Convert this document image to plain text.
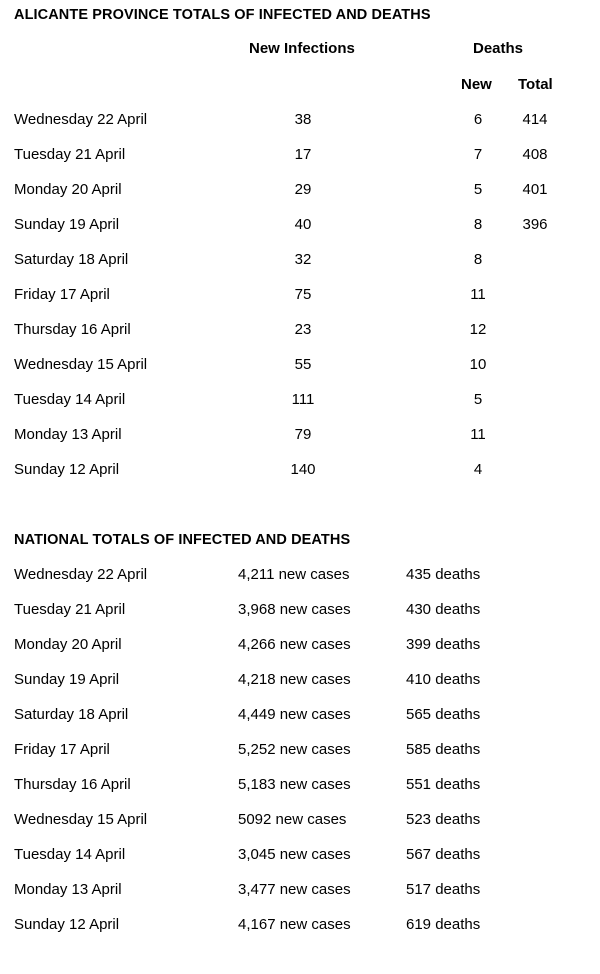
ALICANTE PROVINCE TOTALS OF INFECTED AND DEATHS
New Infections	Deaths
New Total
Wednesday 22 April	38	6	414
Tuesday 21 April	17	7	408
Monday 20 April	29	5	401
Sunday 19 April	40	8	396
Saturday 18 April	32	8
Friday 17 April	75	11
Thursday 16 April	23	12
Wednesday 15 April	55	10
Tuesday 14 April	111	5
Monday 13 April	79	11
Sunday 12 April	140	4
NATIONAL TOTALS OF INFECTED AND DEATHS
Wednesday 22 April	4,211 new cases	435 deaths
Tuesday 21 April	3,968 new cases	430 deaths
Monday 20 April	4,266 new cases	399 deaths
Sunday 19 April	4,218 new cases	410 deaths
Saturday 18 April	4,449 new cases	565 deaths
Friday 17 April	5,252 new cases	585 deaths
Thursday 16 April	5,183 new cases	551 deaths
Wednesday 15 April	5092 new cases	523 deaths
Tuesday 14 April	3,045 new cases	567 deaths
Monday 13 April	3,477 new cases	517 deaths
Sunday 12 April	4,167 new cases	619 deaths
